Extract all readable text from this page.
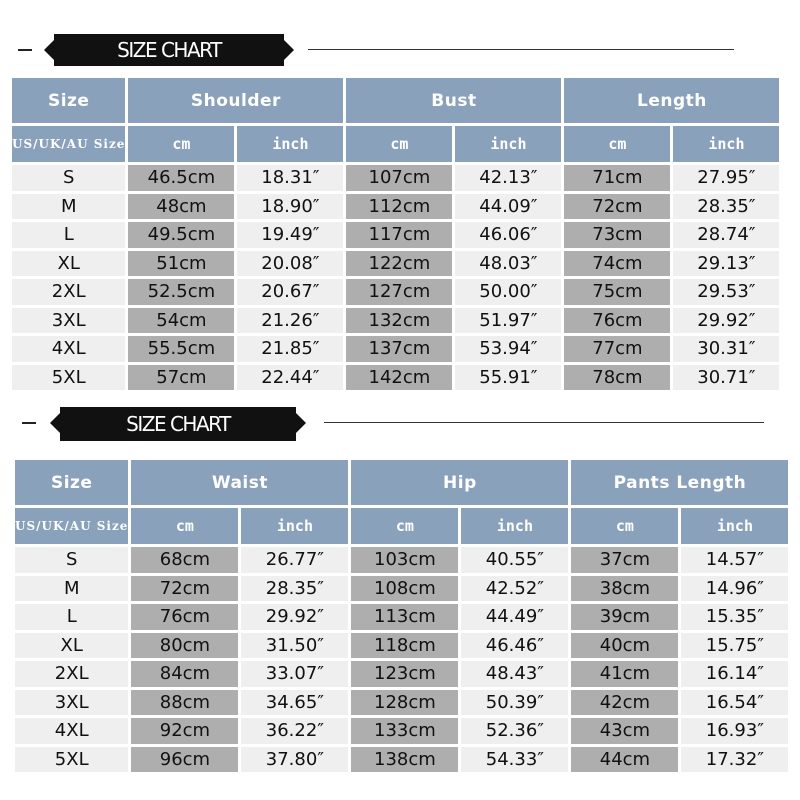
SIZE CHART
Size	Shoulder		Bust		Length	
US/UK/AU Size	cm	inch	cm	inch	cm	inch
S	46.5cm	18.31″	107cm	42.13″	71cm	27.95″
M	48cm	18.90″	112cm	44.09″	72cm	28.35″
L	49.5cm	19.49″	117cm	46.06″	73cm	28.74″
XL	51cm	20.08″	122cm	48.03″	74cm	29.13″
2XL	52.5cm	20.67″	127cm	50.00″	75cm	29.53″
3XL	54cm	21.26″	132cm	51.97″	76cm	29.92″
4XL	55.5cm	21.85″	137cm	53.94″	77cm	30.31″
5XL	57cm	22.44″	142cm	55.91″	78cm	30.71″
SIZE CHART
Size	Waist		Hip		Pants Length	
US/UK/AU Size	cm	inch	cm	inch	cm	inch
S	68cm	26.77″	103cm	40.55″	37cm	14.57″
M	72cm	28.35″	108cm	42.52″	38cm	14.96″
L	76cm	29.92″	113cm	44.49″	39cm	15.35″
XL	80cm	31.50″	118cm	46.46″	40cm	15.75″
2XL	84cm	33.07″	123cm	48.43″	41cm	16.14″
3XL	88cm	34.65″	128cm	50.39″	42cm	16.54″
4XL	92cm	36.22″	133cm	52.36″	43cm	16.93″
5XL	96cm	37.80″	138cm	54.33″	44cm	17.32″
